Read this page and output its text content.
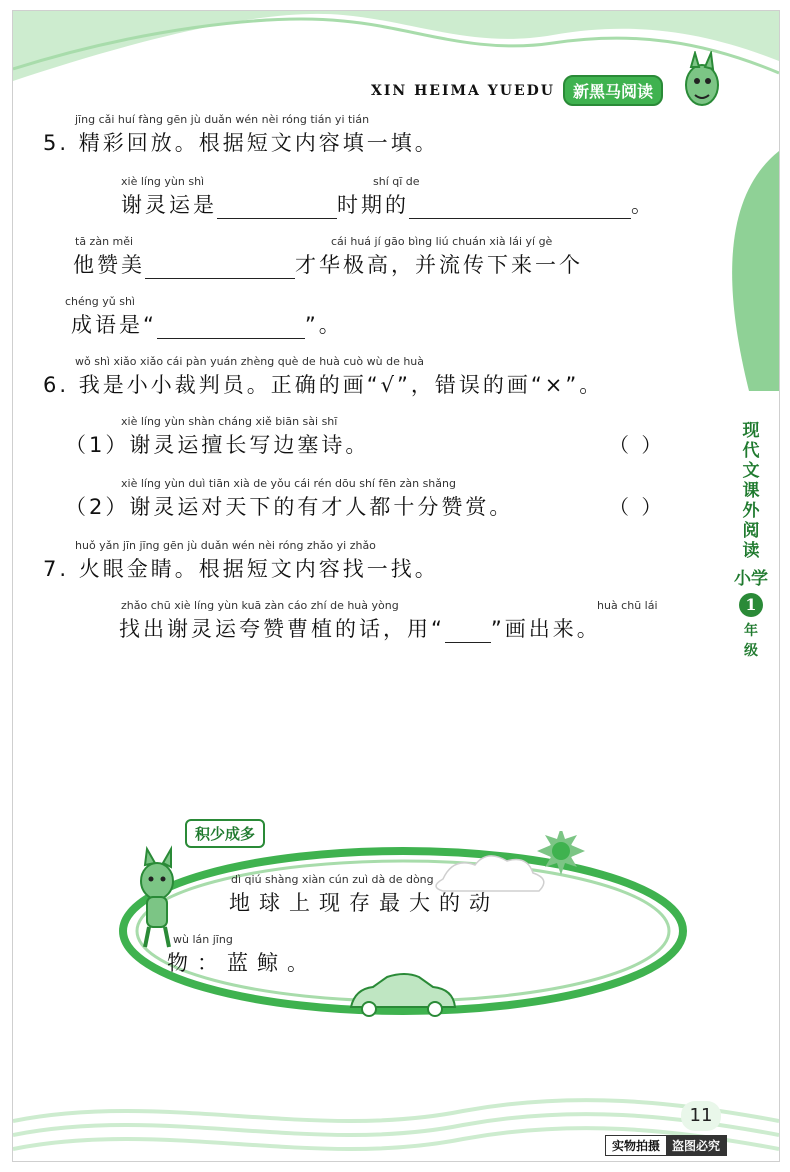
XIN HEIMA YUEDU	新黑马阅读
jīng cǎi huí fàng gēn jù duǎn wén nèi róng tián yi tián
5. 精彩回放。根据短文内容填一填。
xiè líng yùn shì	shí qī de
谢灵运是	时期的	。
tā zàn měi	cái huá jí gāo bìng liú chuán xià lái yí gè
他赞美	才华极高，并流传下来一个
chéng yǔ shì
成语是“	”。
wǒ shì xiǎo xiǎo cái pàn yuán zhèng què de huà cuò wù de huà
6. 我是小小裁判员。正确的画“√”，错误的画“×”。
xiè líng yùn shàn cháng xiě biān sài shī
（1）谢灵运擅长写边塞诗。	（ ）
xiè líng yùn duì tiān xià de yǒu cái rén dōu shí fēn zàn shǎng
（2）谢灵运对天下的有才人都十分赞赏。	（ ）
huǒ yǎn jīn jīng gēn jù duǎn wén nèi róng zhǎo yi zhǎo
7. 火眼金睛。根据短文内容找一找。
zhǎo chū xiè líng yùn kuā zàn cáo zhí de huà yòng	huà chū lái
找出谢灵运夸赞曹植的话，用“ ”画出来。
现
代
文
课
外
阅
读
小学
1
年
级
积少成多
dì qiú shàng xiàn cún zuì dà de dòng
地球上现存最大的动
wù lán jīng
物：蓝鲸。
11
实物拍摄	盗图必究
